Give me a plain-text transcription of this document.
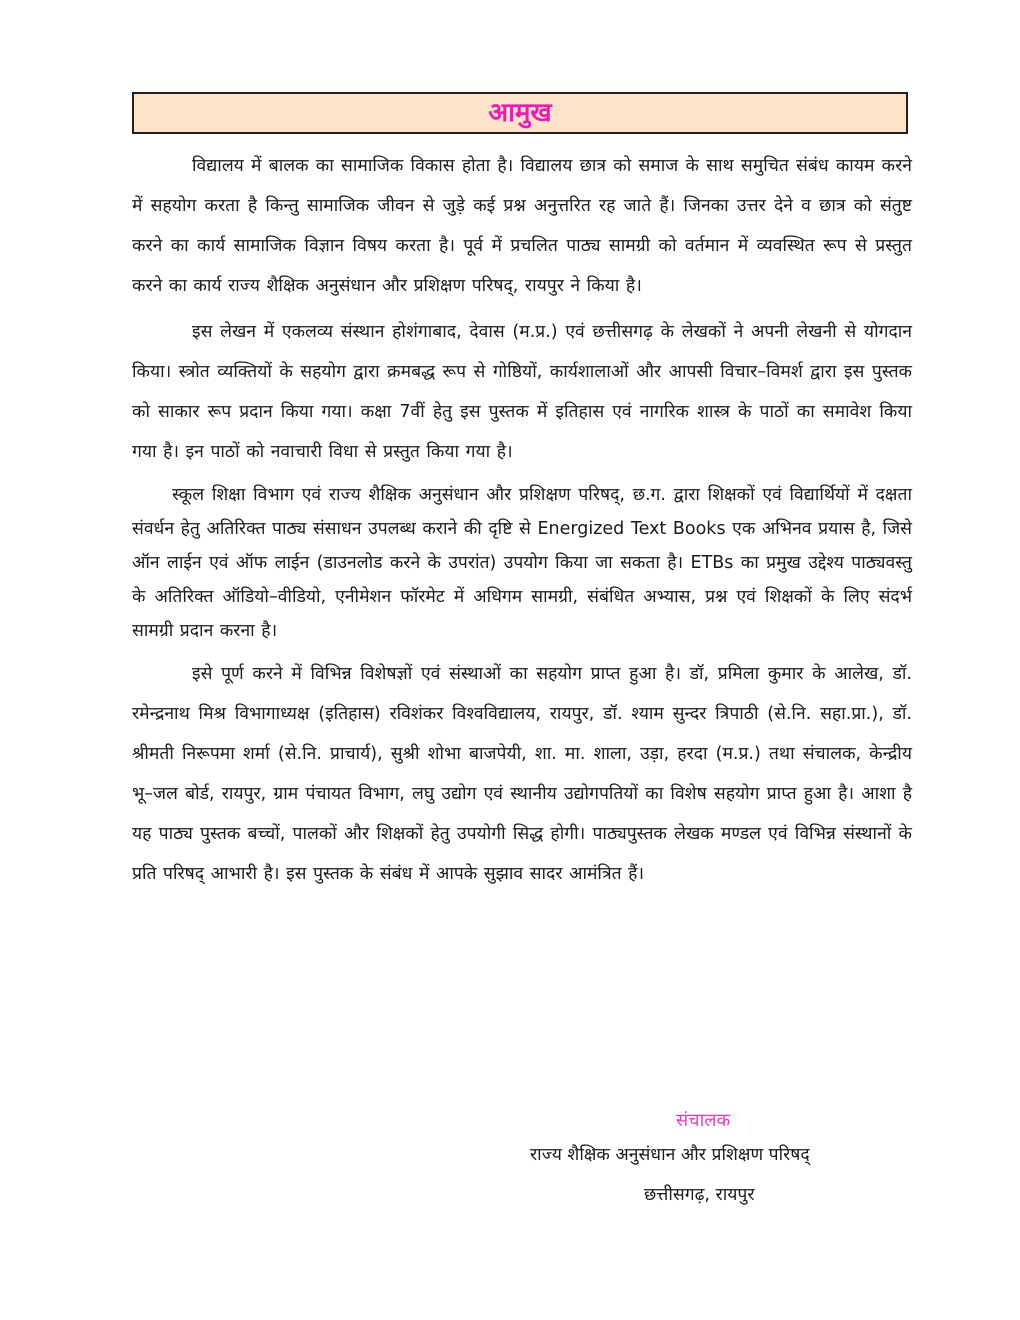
आमुख

विद्यालय में बालक का सामाजिक विकास होता है। विद्यालय छात्र को समाज के साथ समुचित संबंध कायम करने में सहयोग करता है किन्तु सामाजिक जीवन से जुड़े कई प्रश्न अनुत्तरित रह जाते हैं। जिनका उत्तर देने व छात्र को संतुष्ट करने का कार्य सामाजिक विज्ञान विषय करता है। पूर्व में प्रचलित पाठ्य सामग्री को वर्तमान में व्यवस्थित रूप से प्रस्तुत करने का कार्य राज्य शैक्षिक अनुसंधान और प्रशिक्षण परिषद्, रायपुर ने किया है।

इस लेखन में एकलव्य संस्थान होशंगाबाद, देवास (म.प्र.) एवं छत्तीसगढ़ के लेखकों ने अपनी लेखनी से योगदान किया। स्त्रोत व्यक्तियों के सहयोग द्वारा क्रमबद्ध रूप से गोष्ठियों, कार्यशालाओं और आपसी विचार–विमर्श द्वारा इस पुस्तक को साकार रूप प्रदान किया गया। कक्षा 7वीं हेतु इस पुस्तक में इतिहास एवं नागरिक शास्त्र के पाठों का समावेश किया गया है। इन पाठों को नवाचारी विधा से प्रस्तुत किया गया है।

स्कूल शिक्षा विभाग एवं राज्य शैक्षिक अनुसंधान और प्रशिक्षण परिषद्, छ.ग. द्वारा शिक्षकों एवं विद्यार्थियों में दक्षता संवर्धन हेतु अतिरिक्त पाठ्य संसाधन उपलब्ध कराने की दृष्टि से Energized Text Books एक अभिनव प्रयास है, जिसे ऑन लाईन एवं ऑफ लाईन (डाउनलोड करने के उपरांत) उपयोग किया जा सकता है। ETBs का प्रमुख उद्देश्य पाठ्यवस्तु के अतिरिक्त ऑडियो–वीडियो, एनीमेशन फॉरमेट में अधिगम सामग्री, संबंधित अभ्यास, प्रश्न एवं शिक्षकों के लिए संदर्भ सामग्री प्रदान करना है।

इसे पूर्ण करने में विभिन्न विशेषज्ञों एवं संस्थाओं का सहयोग प्राप्त हुआ है। डॉ, प्रमिला कुमार के आलेख, डॉ. रमेन्द्रनाथ मिश्र विभागाध्यक्ष (इतिहास) रविशंकर विश्वविद्यालय, रायपुर, डॉ. श्याम सुन्दर त्रिपाठी (से.नि. सहा.प्रा.), डॉ. श्रीमती निरूपमा शर्मा (से.नि. प्राचार्य), सुश्री शोभा बाजपेयी, शा. मा. शाला, उड़ा, हरदा (म.प्र.) तथा संचालक, केन्द्रीय भू–जल बोर्ड, रायपुर, ग्राम पंचायत विभाग, लघु उद्योग एवं स्थानीय उद्योगपतियों का विशेष सहयोग प्राप्त हुआ है। आशा है यह पाठ्य पुस्तक बच्चों, पालकों और शिक्षकों हेतु उपयोगी सिद्ध होगी। पाठ्यपुस्तक लेखक मण्डल एवं विभिन्न संस्थानों के प्रति परिषद् आभारी है। इस पुस्तक के संबंध में आपके सुझाव सादर आमंत्रित हैं।

संचालक
राज्य शैक्षिक अनुसंधान और प्रशिक्षण परिषद्
छत्तीसगढ़, रायपुर
